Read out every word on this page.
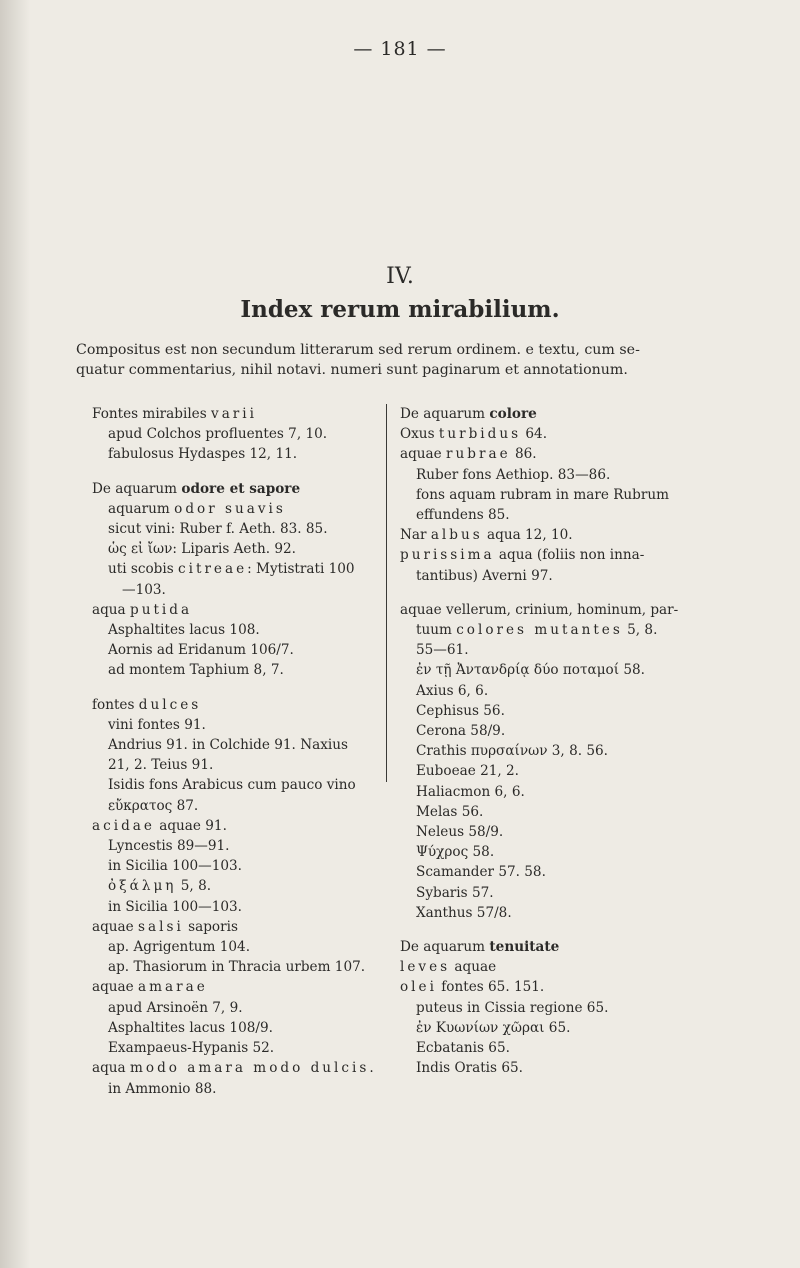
— 181 —
IV.
Index rerum mirabilium.
Compositus est non secundum litterarum sed rerum ordinem. e textu, cum se-
quatur commentarius, nihil notavi. numeri sunt paginarum et annotationum.
Fontes mirabiles varii
apud Colchos profluentes 7, 10.
fabulosus Hydaspes 12, 11.
De aquarum odore et sapore
aquarum odor suavis
sicut vini: Ruber f. Aeth. 83. 85.
ὡς εἰ ἴων: Liparis Aeth. 92.
uti scobis citreae: Mytistrati 100
—103.
aqua putida
Asphaltites lacus 108.
Aornis ad Eridanum 106/7.
ad montem Taphium 8, 7.
fontes dulces
vini fontes 91.
Andrius 91. in Colchide 91. Naxius
21, 2. Teius 91.
Isidis fons Arabicus cum pauco vino
εὔκρατος 87.
acidae aquae 91.
Lyncestis 89—91.
in Sicilia 100—103.
ὀξάλμη 5, 8.
in Sicilia 100—103.
aquae salsi saporis
ap. Agrigentum 104.
ap. Thasiorum in Thracia urbem 107.
aquae amarae
apud Arsinoën 7, 9.
Asphaltites lacus 108/9.
Exampaeus-Hypanis 52.
aqua modo amara modo dulcis.
in Ammonio 88.
De aquarum colore
Oxus turbidus 64.
aquae rubrae 86.
Ruber fons Aethiop. 83—86.
fons aquam rubram in mare Rubrum
effundens 85.
Nar albus aqua 12, 10.
purissima aqua (foliis non inna-
tantibus) Averni 97.
aquae vellerum, crinium, hominum, par-
tuum colores mutantes 5, 8.
55—61.
ἐν τῇ Ἀντανδρίᾳ δύο ποταμοί 58.
Axius 6, 6.
Cephisus 56.
Cerona 58/9.
Crathis πυρσαίνων 3, 8. 56.
Euboeae 21, 2.
Haliacmon 6, 6.
Melas 56.
Neleus 58/9.
Ψύχρος 58.
Scamander 57. 58.
Sybaris 57.
Xanthus 57/8.
De aquarum tenuitate
leves aquae
olei fontes 65. 151.
puteus in Cissia regione 65.
ἐν Κυωνίων χῶραι 65.
Ecbatanis 65.
Indis Oratis 65.
